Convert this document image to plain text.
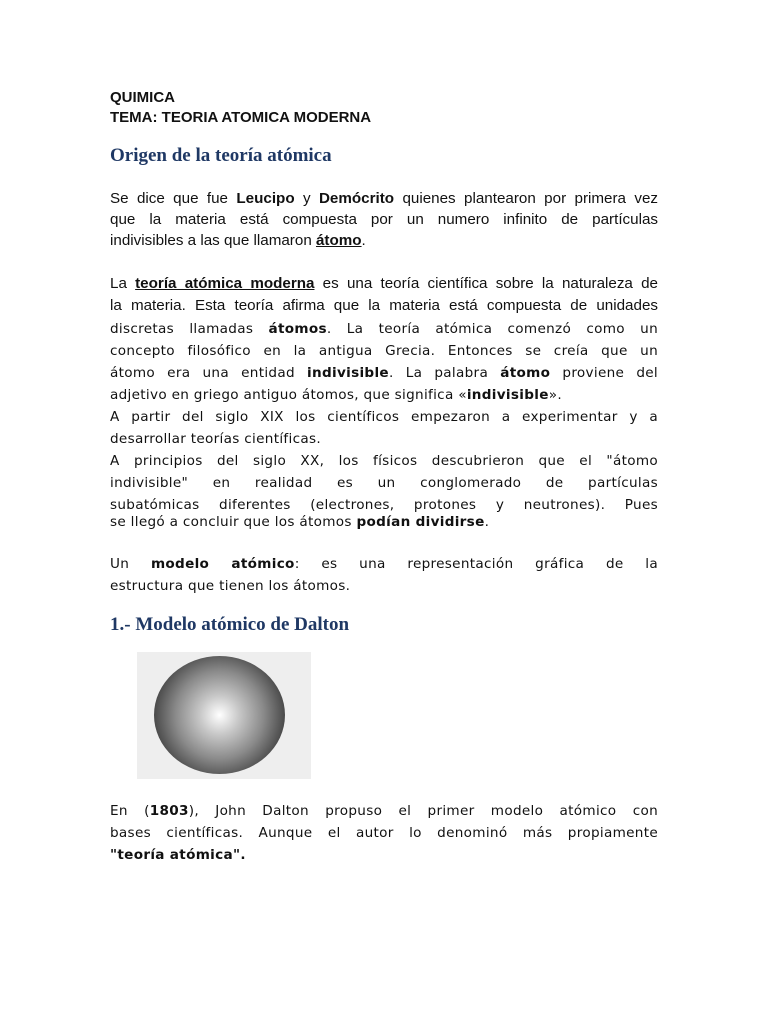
QUIMICA
TEMA: TEORIA ATOMICA MODERNA
Origen de la teoría atómica
Se dice que fue Leucipo y Demócrito quienes plantearon por primera vez
que la materia está compuesta por un numero infinito de partículas
indivisibles a las que llamaron átomo.
La teoría atómica moderna es una teoría científica sobre la naturaleza de
la materia. Esta teoría afirma que la materia está compuesta de unidades
discretas llamadas átomos. La teoría atómica comenzó como un
concepto filosófico en la antigua Grecia. Entonces se creía que un
átomo era una entidad indivisible. La palabra átomo proviene del
adjetivo en griego antiguo átomos, que significa «indivisible».
A partir del siglo XIX los científicos empezaron a experimentar y a
desarrollar teorías científicas.
A principios del siglo XX, los físicos descubrieron que el "átomo
indivisible" en realidad es un conglomerado de partículas
subatómicas diferentes (electrones, protones y neutrones). Pues
se llegó a concluir que los átomos podían dividirse.
Un modelo atómico: es una representación gráfica de la
estructura que tienen los átomos.
1.- Modelo atómico de Dalton
En (1803), John Dalton propuso el primer modelo atómico con
bases científicas. Aunque el autor lo denominó más propiamente
"teoría atómica".
